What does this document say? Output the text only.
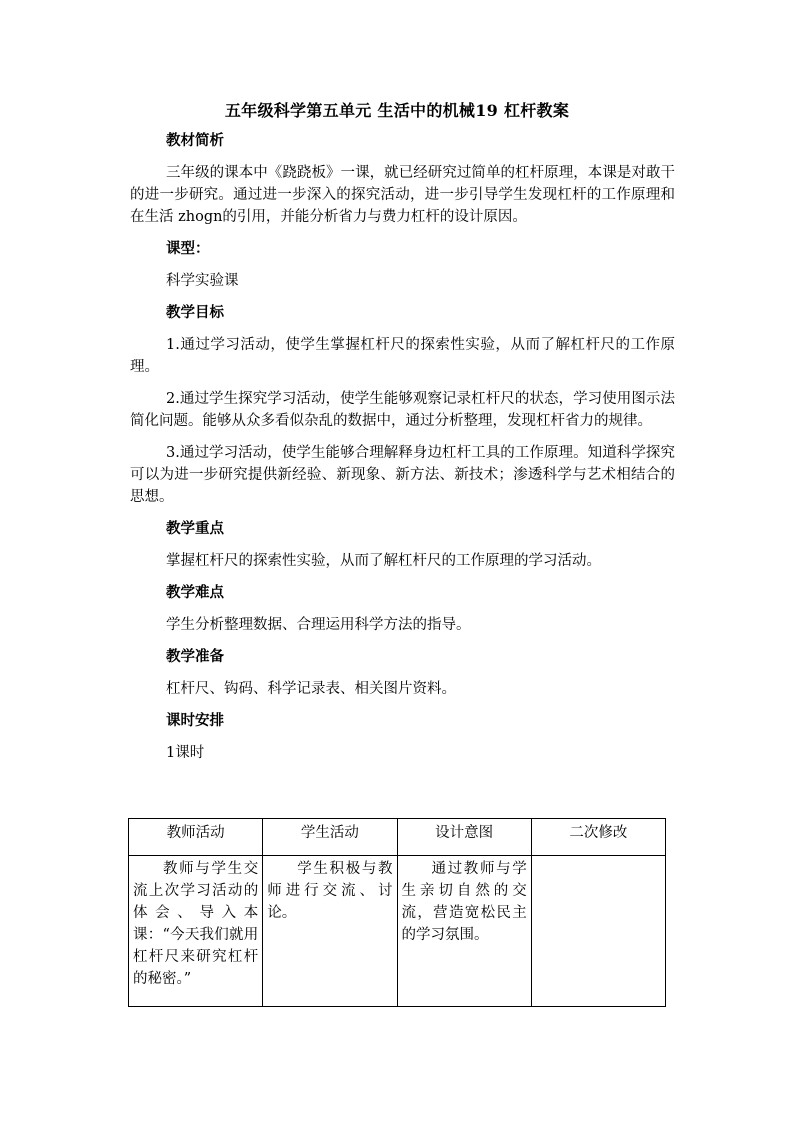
五年级科学第五单元 生活中的机械19 杠杆教案
教材简析
三年级的课本中《跷跷板》一课，就已经研究过简单的杠杆原理，本课是对敢干的进一步研究。通过进一步深入的探究活动，进一步引导学生发现杠杆的工作原理和在生活 zhogn的引用，并能分析省力与费力杠杆的设计原因。
课型：
科学实验课
教学目标
1.通过学习活动，使学生掌握杠杆尺的探索性实验，从而了解杠杆尺的工作原理。
2.通过学生探究学习活动，使学生能够观察记录杠杆尺的状态，学习使用图示法简化问题。能够从众多看似杂乱的数据中，通过分析整理，发现杠杆省力的规律。
3.通过学习活动，使学生能够合理解释身边杠杆工具的工作原理。知道科学探究可以为进一步研究提供新经验、新现象、新方法、新技术；渗透科学与艺术相结合的思想。
教学重点
掌握杠杆尺的探索性实验，从而了解杠杆尺的工作原理的学习活动。
教学难点
学生分析整理数据、合理运用科学方法的指导。
教学准备
杠杆尺、钩码、科学记录表、相关图片资料。
课时安排
1课时
教师活动	学生活动	设计意图	二次修改
教师与学生交流上次学习活动的体会、导入本课：“今天我们就用杠杆尺来研究杠杆的秘密。”	学生积极与教师进行交流、讨论。	通过教师与学生亲切自然的交流，营造宽松民主的学习氛围。	
